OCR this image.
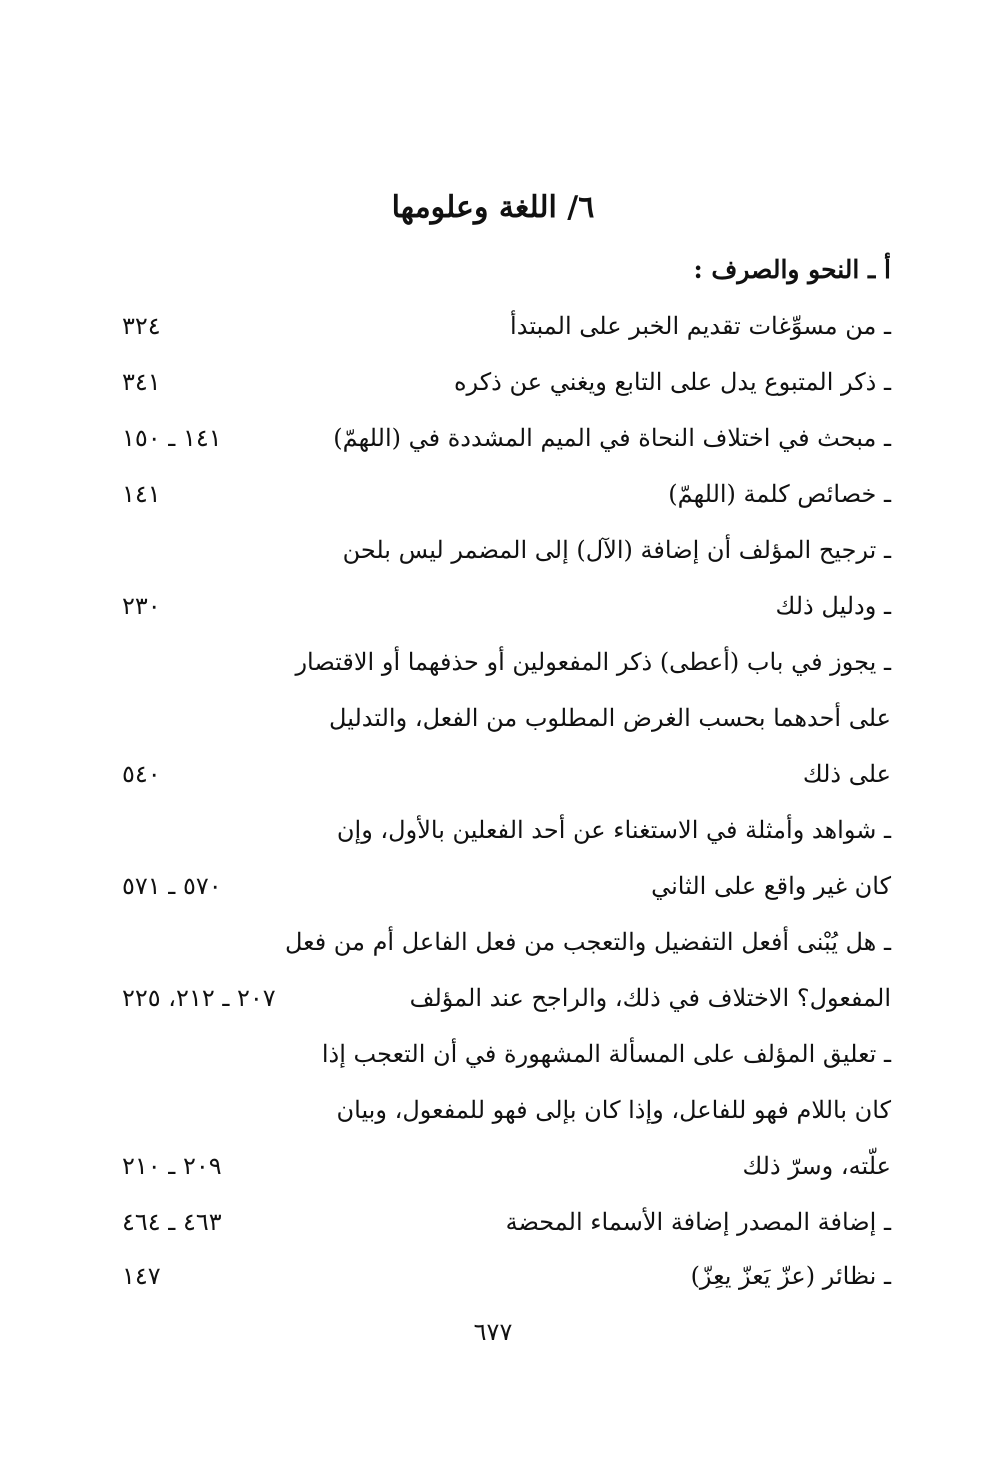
٦/ اللغة وعلومها
أ ـ النحو والصرف :
ـ من مسوِّغات تقديم الخبر على المبتدأ
٣٢٤
ـ ذكر المتبوع يدل على التابع ويغني عن ذكره
٣٤١
ـ مبحث في اختلاف النحاة في الميم المشددة في (اللهمّ)
١٤١ ـ ١٥٠
ـ خصائص كلمة (اللهمّ)
١٤١
ـ ترجيح المؤلف أن إضافة (الآل) إلى المضمر ليس بلحن
ـ ودليل ذلك
٢٣٠
ـ يجوز في باب (أعطى) ذكر المفعولين أو حذفهما أو الاقتصار
على أحدهما بحسب الغرض المطلوب من الفعل، والتدليل
على ذلك
٥٤٠
ـ شواهد وأمثلة في الاستغناء عن أحد الفعلين بالأول، وإن
كان غير واقع على الثاني
٥٧٠ ـ ٥٧١
ـ هل يُبْنى أفعل التفضيل والتعجب من فعل الفاعل أم من فعل
المفعول؟ الاختلاف في ذلك، والراجح عند المؤلف
٢٠٧ ـ ٢١٢، ٢٢٥
ـ تعليق المؤلف على المسألة المشهورة في أن التعجب إذا
كان باللام فهو للفاعل، وإذا كان بإلى فهو للمفعول، وبيان
علّته، وسرّ ذلك
٢٠٩ ـ ٢١٠
ـ إضافة المصدر إضافة الأسماء المحضة
٤٦٣ ـ ٤٦٤
ـ نظائر (عزّ يَعزّ يعِزّ)
١٤٧
٦٧٧
